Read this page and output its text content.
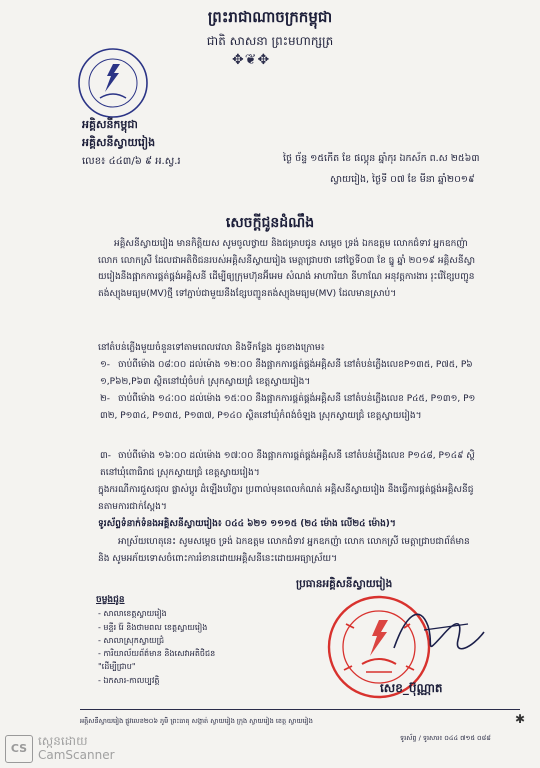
ព្រះរាជាណាចក្រកម្ពុជា
ជាតិ សាសនា ព្រះមហាក្សត្រ
✥❦✥
អគ្គិសនីកម្ពុជា
អគ្គិសនីស្វាយរៀង
លេខ៖ ៤៤៣/៦ ៩ អ.ស្វ.រ	ថ្ងៃ ច័ន្ទ ១៥កើត ខែ ផល្គុន ឆ្នាំកុរ ឯកស័ក ព.ស ២៥៦៣
ស្វាយរៀង, ថ្ងៃទី ០៧ ខែ មីនា ឆ្នាំ២០១៩
សេចក្តីជូនដំណឹង
អគ្គិសនីស្វាយរៀង មានកិត្តិយស សូមចូលថ្វាយ និងជម្រាបជូន សម្តេច ទ្រង់ ឯកឧត្តម លោកជំទាវ អ្នកឧកញ៉ា លោក លោកស្រី ដែលជាអតិថិជនរបស់អគ្គិសនីស្វាយរៀង មេត្តាជ្រាបថា នៅថ្ងៃទី០៣ ខែ ធ្នូ ឆ្នាំ ២០១៩ អគ្គិសនីស្វាយរៀងនឹងផ្អាកការផ្គត់ផ្គង់អគ្គិសនី ដើម្បីឲ្យក្រុមហ៊ុនអ៊ីអេម សំណង់ អាហារិយា នីហាណែ អនុវត្តការងារ រុះរើខ្សែបញ្ជូនតង់ស្យុងមធ្យម(MV)ថ្មី ទៅភ្ជាប់ជាមួយនឹងខ្សែបញ្ជូនតង់ស្យុងមធ្យម(MV) ដែលមានស្រាប់។
នៅតំបន់ភ្លើងមួយចំនួនទៅតាមពេលវេលា និងទីកន្លែង ដូចខាងក្រោម៖
១- ចាប់ពីម៉ោង ០៨ៈ០០ ដល់ម៉ោង ១២ៈ០០ នឹងផ្អាកការផ្គត់ផ្គង់អគ្គិសនី នៅតំបន់ភ្លើងលេខP១៣៥, P៧៥, P៦១,P៦២,P៦៣ ស្ថិតនៅឃុំចំបក់ ស្រុកស្វាយជ្រំ ខេត្តស្វាយរៀង។
២- ចាប់ពីម៉ោង ១៤ៈ០០ ដល់ម៉ោង ១៥ៈ០០ នឹងផ្អាកការផ្គត់ផ្គង់អគ្គិសនី នៅតំបន់ភ្លើងលេខ P៤៥, P១៣១, P១៣២, P១៣៤, P១៣៥, P១៣៧, P១៤០ ស្ថិតនៅឃុំកំពង់ចំឡង ស្រុកស្វាយជ្រំ ខេត្តស្វាយរៀង។
៣- ចាប់ពីម៉ោង ១៦ៈ០០ ដល់ម៉ោង ១៧ៈ០០ នឹងផ្អាកការផ្គត់ផ្គង់អគ្គិសនី នៅតំបន់ភ្លើងលេខ P១៤៨, P១៤៩ ស្ថិតនៅឃុំពោធិរាជ ស្រុកស្វាយជ្រំ ខេត្តស្វាយរៀង។
ក្នុងករណីការជួសជុល ផ្លាស់ប្តូរ ដំឡើងបរិក្ខារ ប្រពាល់មុនពេលកំណត់ អគ្គិសនីស្វាយរៀង នឹងធ្វើការផ្គត់ផ្គង់អគ្គិសនីជូនតាមការជាក់ស្តែង។
ទូរស័ព្ទទំនាក់ទំនងអគ្គិសនីស្វាយរៀង៖ ០៤៤ ៦២១ ១១១៥ (២៤ ម៉ោង លើ២៤ ម៉ោង)។
អាស្រ័យហេតុនេះ សូមសម្តេច ទ្រង់ ឯកឧត្តម លោកជំទាវ អ្នកឧកញ៉ា លោក លោកស្រី មេត្តាជ្រាបជាព័ត៌មាន និង សូមអភ័យទោសចំពោះការរំខានដោយអគ្គិសនីនេះដោយអធ្យាស្រ័យ។
ចម្លងជូន
- សាលាខេត្តស្វាយរៀង
- មន្ទីរ រ៉ែ និងថាមពល ខេត្តស្វាយរៀង
- សាលាស្រុកស្វាយជ្រំ
- ការិយាល័យព័ត៌មាន និងសេវាអតិថិជន
"ដើម្បីជ្រាប"
- ឯកសារ-កាលប្បវត្តិ
ប្រធានអគ្គិសនីស្វាយរៀង
សេខ_ប៊ុណ្ណាត
អគ្គិសនីស្វាយរៀង ផ្លូវលេខ២០៦ ភូមិ ព្រះធាតុ សង្កាត់ ស្វាយរៀង ក្រុង ស្វាយរៀង ខេត្ត ស្វាយរៀង
ទូរស័ព្ទ / ទូរសារ៖ ០៤៤ ៧១៥ ០៨៨
✱
CS
ស្កេនដោយ
CamScanner
